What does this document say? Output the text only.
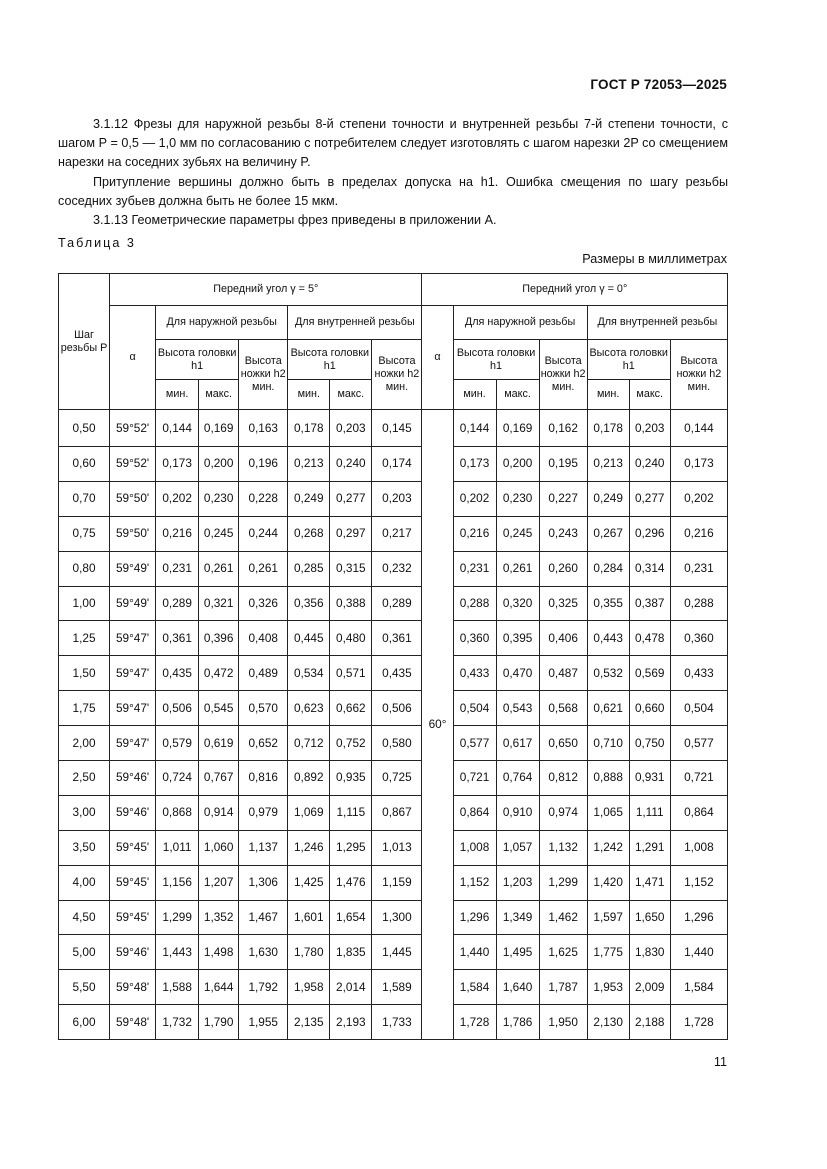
ГОСТ Р 72053—2025

3.1.12 Фрезы для наружной резьбы 8-й степени точности и внутренней резьбы 7-й степени точности, с шагом P = 0,5 — 1,0 мм по согласованию с потребителем следует изготовлять с шагом нарезки 2P со смещением нарезки на соседних зубьях на величину P.

Притупление вершины должно быть в пределах допуска на h1. Ошибка смещения по шагу резьбы соседних зубьев должна быть не более 15 мкм.

3.1.13 Геометрические параметры фрез приведены в приложении А.

Таблица 3
Размеры в миллиметрах
Шаг резьбы P	Передний угол γ = 5°							Передний угол γ = 0°						
	α	Для наружной резьбы			Для внутренней резьбы			α	Для наружной резьбы			Для внутренней резьбы		
		Высота головки h1		Высота ножки h2 мин.	Высота головки h1		Высота ножки h2 мин.		Высота головки h1		Высота ножки h2 мин.	Высота головки h1		Высота ножки h2 мин.
		мин.	макс.		мин.	макс.			мин.	макс.		мин.	макс.	
0,50	59°52'	0,144	0,169	0,163	0,178	0,203	0,145	60°	0,144	0,169	0,162	0,178	0,203	0,144
0,60	59°52'	0,173	0,200	0,196	0,213	0,240	0,174		0,173	0,200	0,195	0,213	0,240	0,173
0,70	59°50'	0,202	0,230	0,228	0,249	0,277	0,203		0,202	0,230	0,227	0,249	0,277	0,202
0,75	59°50'	0,216	0,245	0,244	0,268	0,297	0,217		0,216	0,245	0,243	0,267	0,296	0,216
0,80	59°49'	0,231	0,261	0,261	0,285	0,315	0,232		0,231	0,261	0,260	0,284	0,314	0,231
1,00	59°49'	0,289	0,321	0,326	0,356	0,388	0,289		0,288	0,320	0,325	0,355	0,387	0,288
1,25	59°47'	0,361	0,396	0,408	0,445	0,480	0,361		0,360	0,395	0,406	0,443	0,478	0,360
1,50	59°47'	0,435	0,472	0,489	0,534	0,571	0,435		0,433	0,470	0,487	0,532	0,569	0,433
1,75	59°47'	0,506	0,545	0,570	0,623	0,662	0,506		0,504	0,543	0,568	0,621	0,660	0,504
2,00	59°47'	0,579	0,619	0,652	0,712	0,752	0,580		0,577	0,617	0,650	0,710	0,750	0,577
2,50	59°46'	0,724	0,767	0,816	0,892	0,935	0,725		0,721	0,764	0,812	0,888	0,931	0,721
3,00	59°46'	0,868	0,914	0,979	1,069	1,115	0,867		0,864	0,910	0,974	1,065	1,111	0,864
3,50	59°45'	1,011	1,060	1,137	1,246	1,295	1,013		1,008	1,057	1,132	1,242	1,291	1,008
4,00	59°45'	1,156	1,207	1,306	1,425	1,476	1,159		1,152	1,203	1,299	1,420	1,471	1,152
4,50	59°45'	1,299	1,352	1,467	1,601	1,654	1,300		1,296	1,349	1,462	1,597	1,650	1,296
5,00	59°46'	1,443	1,498	1,630	1,780	1,835	1,445		1,440	1,495	1,625	1,775	1,830	1,440
5,50	59°48'	1,588	1,644	1,792	1,958	2,014	1,589		1,584	1,640	1,787	1,953	2,009	1,584
6,00	59°48'	1,732	1,790	1,955	2,135	2,193	1,733		1,728	1,786	1,950	2,130	2,188	1,728
11
